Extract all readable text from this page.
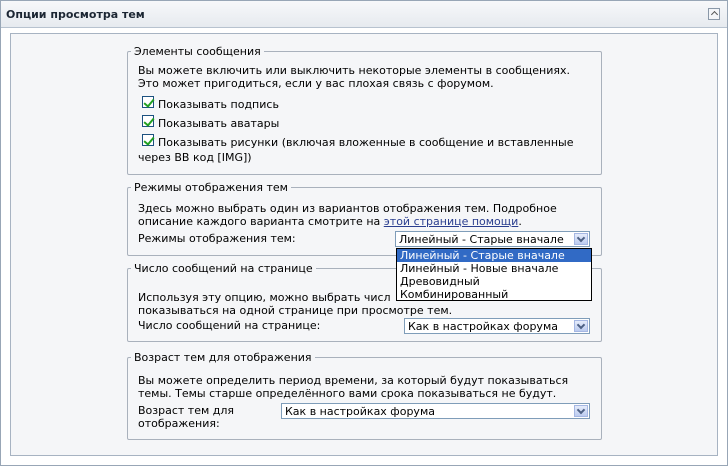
Опции просмотра тем
Элементы сообщения
Вы можете включить или выключить некоторые элементы в сообщениях.
Это может пригодиться, если у вас плохая связь с форумом.
Показывать подпись
Показывать аватары
Показывать рисунки (включая вложенные в сообщение и вставленные
через BB код [IMG])
Режимы отображения тем
Здесь можно выбрать один из вариантов отображения тем. Подробное
описание каждого варианта смотрите на этой странице помощи.
Режимы отображения тем:	Линейный - Старые вначале
Число сообщений на странице
Используя эту опцию, можно выбрать числ
показываться на одной странице при просмотре тем.
Число сообщений на странице:	Как в настройках форума
Возраст тем для отображения
Вы можете определить период времени, за который будут показываться
темы. Темы старше определённого вами срока показываться не будут.
Возраст тем для
отображения:
Как в настройках форума
Линейный - Старые вначале
Линейный - Новые вначале
Древовидный
Комбинированный
